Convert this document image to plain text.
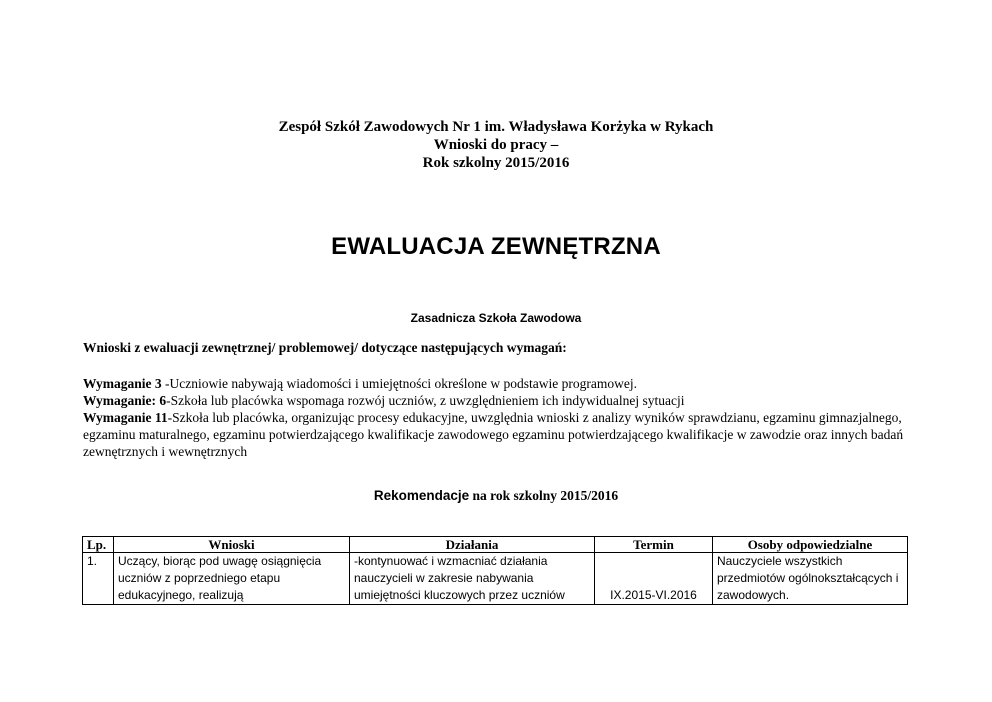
Zespół Szkół Zawodowych Nr 1 im. Władysława Korżyka w Rykach
Wnioski do pracy –
Rok szkolny 2015/2016
EWALUACJA ZEWNĘTRZNA
Zasadnicza Szkoła Zawodowa
Wnioski z ewaluacji zewnętrznej/ problemowej/ dotyczące następujących wymagań:
Wymaganie 3 -Uczniowie nabywają wiadomości i umiejętności określone w podstawie programowej.
Wymaganie: 6-Szkoła lub placówka wspomaga rozwój uczniów, z uwzględnieniem ich indywidualnej sytuacji
Wymaganie 11-Szkoła lub placówka, organizując procesy edukacyjne, uwzględnia wnioski z analizy wyników sprawdzianu, egzaminu gimnazjalnego, egzaminu maturalnego, egzaminu potwierdzającego kwalifikacje zawodowego egzaminu potwierdzającego kwalifikacje w zawodzie oraz innych badań zewnętrznych i wewnętrznych
Rekomendacje na rok szkolny 2015/2016
Lp.	Wnioski	Działania	Termin	Osoby odpowiedzialne
1.	Uczący, biorąc pod uwagę osiągnięcia uczniów z poprzedniego etapu edukacyjnego, realizują	-kontynuować i wzmacniać działania nauczycieli w zakresie nabywania umiejętności kluczowych przez uczniów	IX.2015-VI.2016	Nauczyciele wszystkich przedmiotów ogólnokształcących i zawodowych.
